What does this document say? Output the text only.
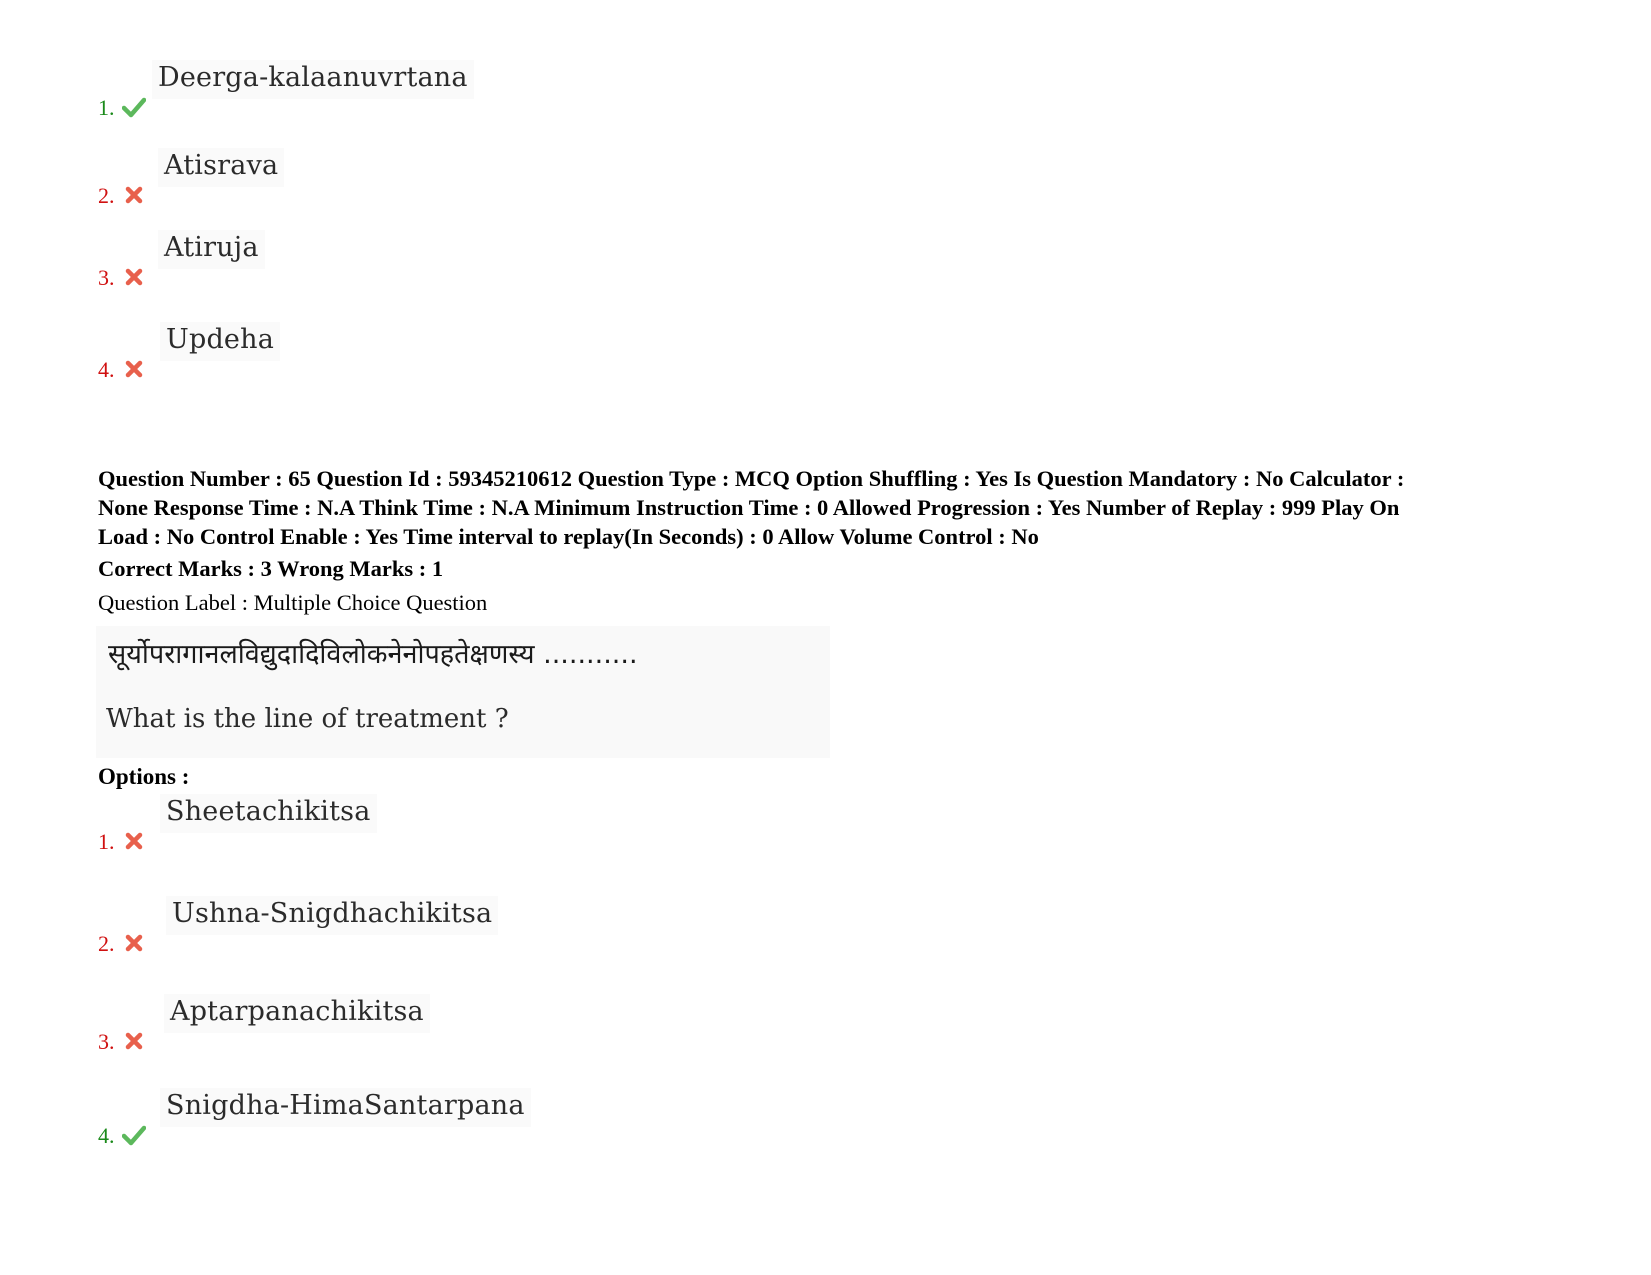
1.
Deerga-kalaanuvrtana
2.
Atisrava
3.
Atiruja
4.
Updeha
Question Number : 65 Question Id : 59345210612 Question Type : MCQ Option Shuffling : Yes Is Question Mandatory : No Calculator :
None Response Time : N.A Think Time : N.A Minimum Instruction Time : 0 Allowed Progression : Yes Number of Replay : 999 Play On
Load : No Control Enable : Yes Time interval to replay(In Seconds) : 0 Allow Volume Control : No
Correct Marks : 3 Wrong Marks : 1
Question Label : Multiple Choice Question
सूर्योपरागानलविद्युदादिविलोकनेनोपहतेक्षणस्य ...........
What is the line of treatment ?
Options :
1.
Sheetachikitsa
2.
Ushna-Snigdhachikitsa
3.
Aptarpanachikitsa
4.
Snigdha-HimaSantarpana
